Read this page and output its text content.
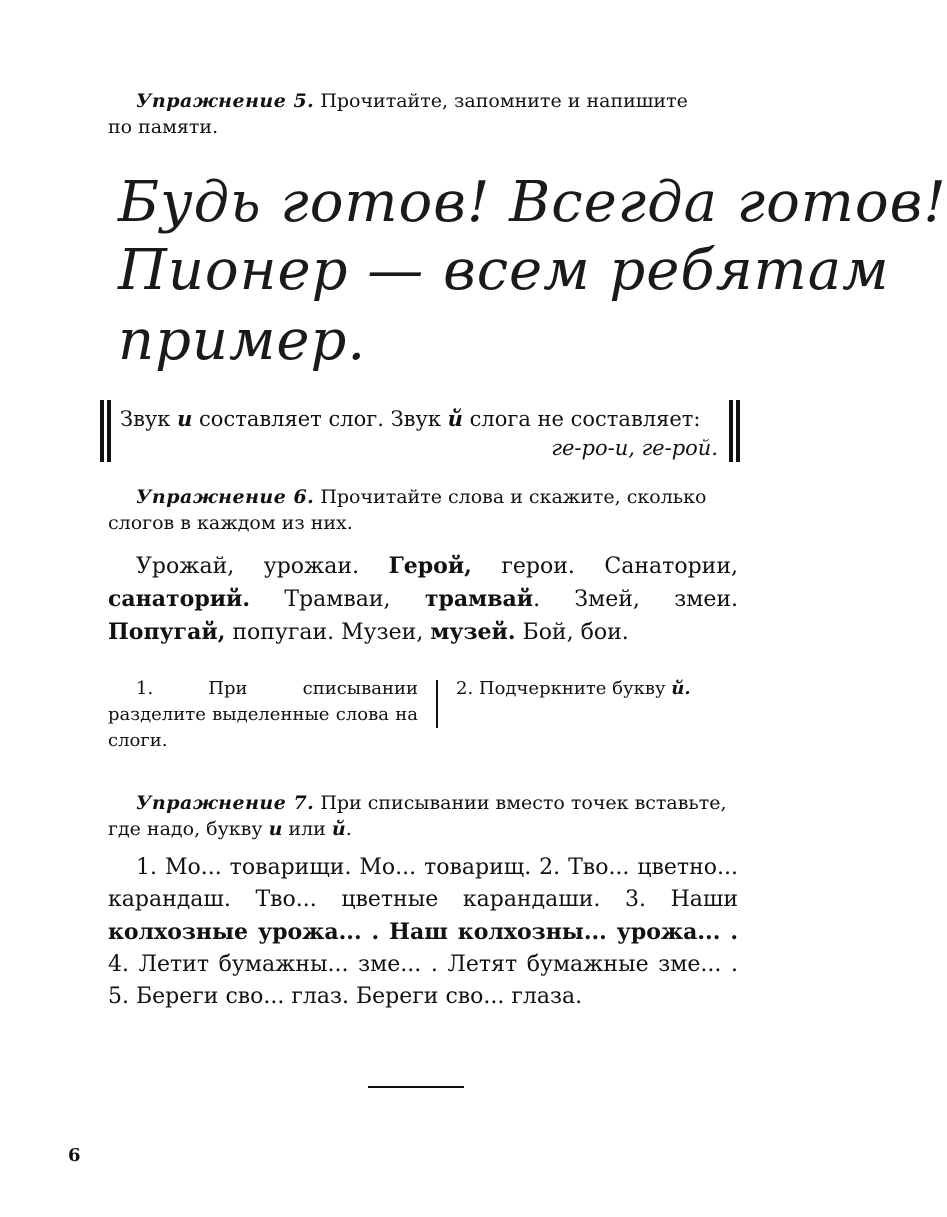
Упражнение 5. Прочитайте, запомните и напишите
по памяти.
Будь готов! Всегда готов!
Пионер — всем ребятам
пример.
Звук и составляет слог. Звук й слога не составляет:
ге-ро-и, ге-рой.
Упражнение 6. Прочитайте слова и скажите, сколько
слогов в каждом из них.
Урожай, урожаи. Герой, герои. Санатории, санаторий. Трамваи, трамвай. Змей, змеи. Попугай, попугаи. Музеи, музей. Бой, бои.
1. При списывании разделите выделенные слова на слоги.
2. Подчеркните букву й.
Упражнение 7. При списывании вместо точек вставьте,
где надо, букву и или й.
1. Мо... товарищи. Мо... товарищ. 2. Тво... цветно... карандаш. Тво... цветные карандаши. 3. Наши колхозные урожа... . Наш колхозны... урожа... . 4. Летит бумажны... зме... . Летят бумажные зме... . 5. Береги сво... глаз. Береги сво... глаза.
6
